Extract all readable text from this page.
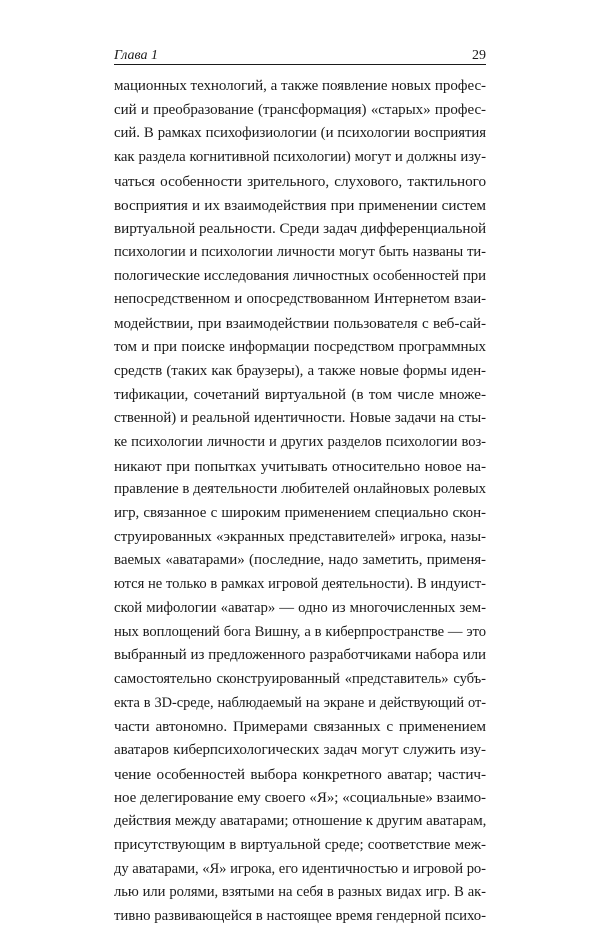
Глава 1	29
мационных технологий, а также появление новых профес-
сий и преобразование (трансформация) «старых» профес-
сий. В рамках психофизиологии (и психологии восприятия
как раздела когнитивной психологии) могут и должны изу-
чаться особенности зрительного, слухового, тактильного
восприятия и их взаимодействия при применении систем
виртуальной реальности. Среди задач дифференциальной
психологии и психологии личности могут быть названы ти-
пологические исследования личностных особенностей при
непосредственном и опосредствованном Интернетом взаи-
модействии, при взаимодействии пользователя с веб-сай-
том и при поиске информации посредством программных
средств (таких как браузеры), а также новые формы иден-
тификации, сочетаний виртуальной (в том числе множе-
ственной) и реальной идентичности. Новые задачи на сты-
ке психологии личности и других разделов психологии воз-
никают при попытках учитывать относительно новое на-
правление в деятельности любителей онлайновых ролевых
игр, связанное с широким применением специально скон-
струированных «экранных представителей» игрока, назы-
ваемых «аватарами» (последние, надо заметить, применя-
ются не только в рамках игровой деятельности). В индуист-
ской мифологии «аватар» — одно из многочисленных зем-
ных воплощений бога Вишну, а в киберпространстве — это
выбранный из предложенного разработчиками набора или
самостоятельно сконструированный «представитель» субъ-
екта в 3D-среде, наблюдаемый на экране и действующий от-
части автономно. Примерами связанных с применением
аватаров киберпсихологических задач могут служить изу-
чение особенностей выбора конкретного аватар; частич-
ное делегирование ему своего «Я»; «социальные» взаимо-
действия между аватарами; отношение к другим аватарам,
присутствующим в виртуальной среде; соответствие меж-
ду аватарами, «Я» игрока, его идентичностью и игровой ро-
лью или ролями, взятыми на себя в разных видах игр. В ак-
тивно развивающейся в настоящее время гендерной психо-
